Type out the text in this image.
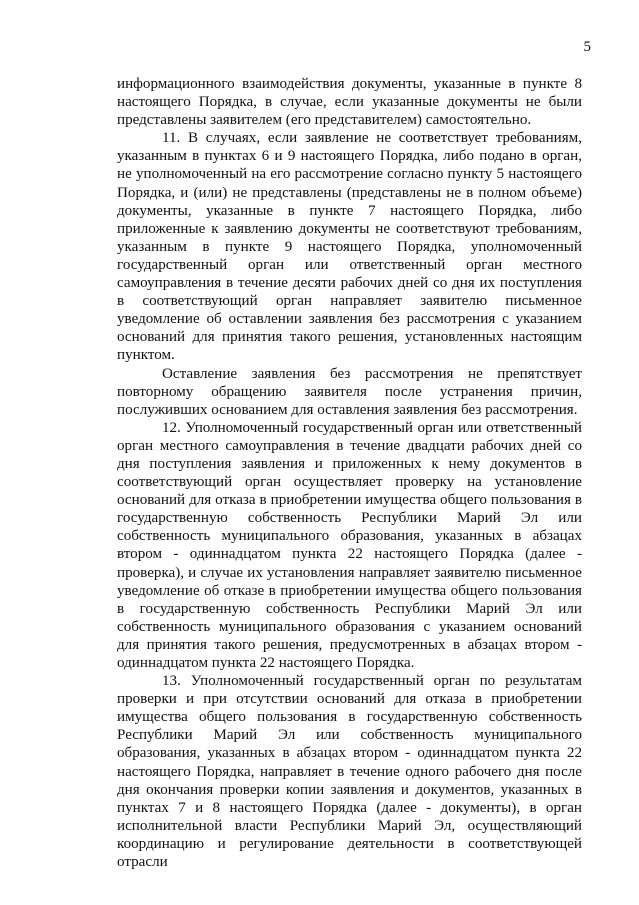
5

информационного взаимодействия документы, указанные в пункте 8 настоящего Порядка, в случае, если указанные документы не были представлены заявителем (его представителем) самостоятельно.

11. В случаях, если заявление не соответствует требованиям, указанным в пунктах 6 и 9 настоящего Порядка, либо подано в орган, не уполномоченный на его рассмотрение согласно пункту 5 настоящего Порядка, и (или) не представлены (представлены не в полном объеме) документы, указанные в пункте 7 настоящего Порядка, либо приложенные к заявлению документы не соответствуют требованиям, указанным в пункте 9 настоящего Порядка, уполномоченный государственный орган или ответственный орган местного самоуправления в течение десяти рабочих дней со дня их поступления в соответствующий орган направляет заявителю письменное уведомление об оставлении заявления без рассмотрения с указанием оснований для принятия такого решения, установленных настоящим пунктом.

Оставление заявления без рассмотрения не препятствует повторному обращению заявителя после устранения причин, послуживших основанием для оставления заявления без рассмотрения.

12. Уполномоченный государственный орган или ответственный орган местного самоуправления в течение двадцати рабочих дней со дня поступления заявления и приложенных к нему документов в соответствующий орган осуществляет проверку на установление оснований для отказа в приобретении имущества общего пользования в государственную собственность Республики Марий Эл или собственность муниципального образования, указанных в абзацах втором - одиннадцатом пункта 22 настоящего Порядка (далее - проверка), и случае их установления направляет заявителю письменное уведомление об отказе в приобретении имущества общего пользования в государственную собственность Республики Марий Эл или собственность муниципального образования с указанием оснований для принятия такого решения, предусмотренных в абзацах втором - одиннадцатом пункта 22 настоящего Порядка.

13. Уполномоченный государственный орган по результатам проверки и при отсутствии оснований для отказа в приобретении имущества общего пользования в государственную собственность Республики Марий Эл или собственность муниципального образования, указанных в абзацах втором - одиннадцатом пункта 22 настоящего Порядка, направляет в течение одного рабочего дня после дня окончания проверки копии заявления и документов, указанных в пунктах 7 и 8 настоящего Порядка (далее - документы), в орган исполнительной власти Республики Марий Эл, осуществляющий координацию и регулирование деятельности в соответствующей отрасли
